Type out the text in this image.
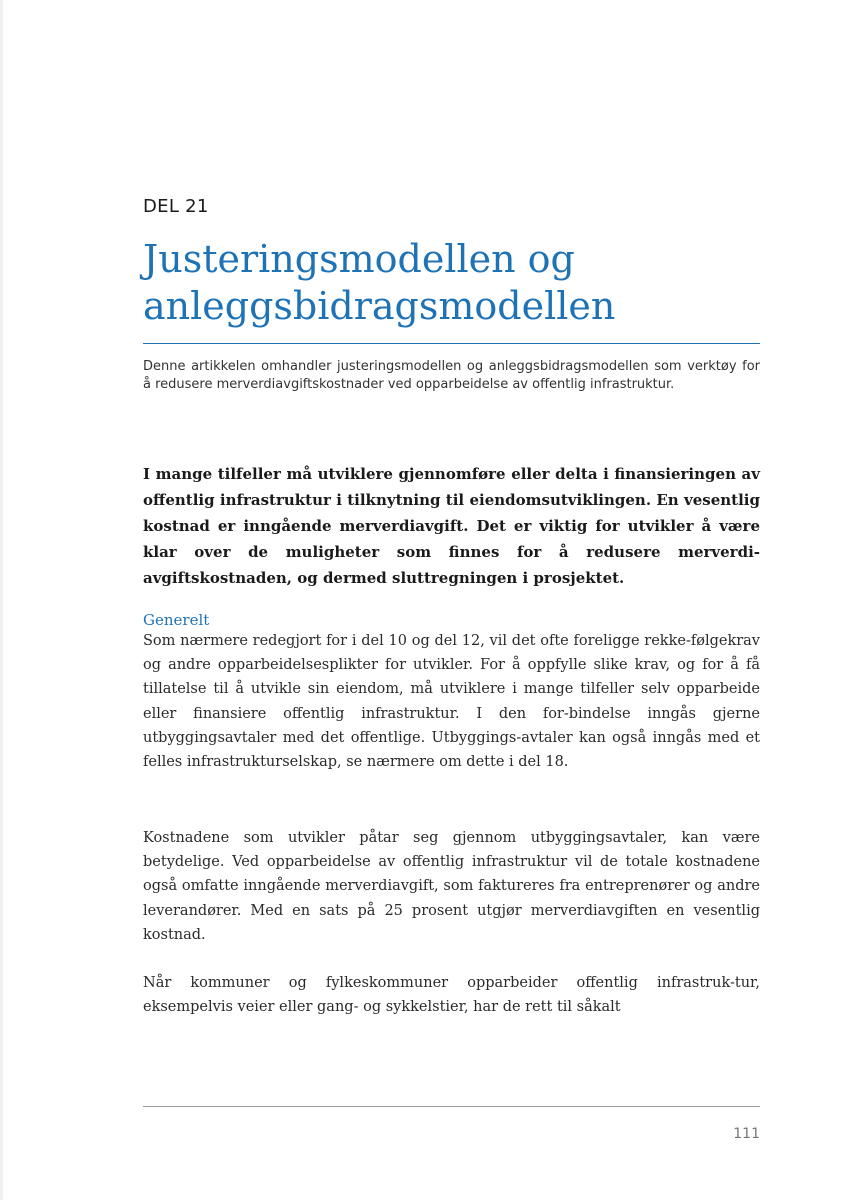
DEL 21

Justeringsmodellen og anleggsbidragsmodellen

Denne artikkelen omhandler justeringsmodellen og anleggsbidragsmodellen som verktøy for å redusere merverdiavgiftskostnader ved opparbeidelse av offentlig infrastruktur.

I mange tilfeller må utviklere gjennomføre eller delta i finansieringen av offentlig infrastruktur i tilknytning til eiendomsutviklingen. En vesentlig kostnad er inngående merverdiavgift. Det er viktig for utvikler å være klar over de muligheter som finnes for å redusere merverdi-avgiftskostnaden, og dermed sluttregningen i prosjektet.

Generelt

Som nærmere redegjort for i del 10 og del 12, vil det ofte foreligge rekke-følgekrav og andre opparbeidelsesplikter for utvikler. For å oppfylle slike krav, og for å få tillatelse til å utvikle sin eiendom, må utviklere i mange tilfeller selv opparbeide eller finansiere offentlig infrastruktur. I den for-bindelse inngås gjerne utbyggingsavtaler med det offentlige. Utbyggings-avtaler kan også inngås med et felles infrastrukturselskap, se nærmere om dette i del 18.

Kostnadene som utvikler påtar seg gjennom utbyggingsavtaler, kan være betydelige. Ved opparbeidelse av offentlig infrastruktur vil de totale kostnadene også omfatte inngående merverdiavgift, som faktureres fra entreprenører og andre leverandører. Med en sats på 25 prosent utgjør merverdiavgiften en vesentlig kostnad.

Når kommuner og fylkeskommuner opparbeider offentlig infrastruk-tur, eksempelvis veier eller gang- og sykkelstier, har de rett til såkalt

111
